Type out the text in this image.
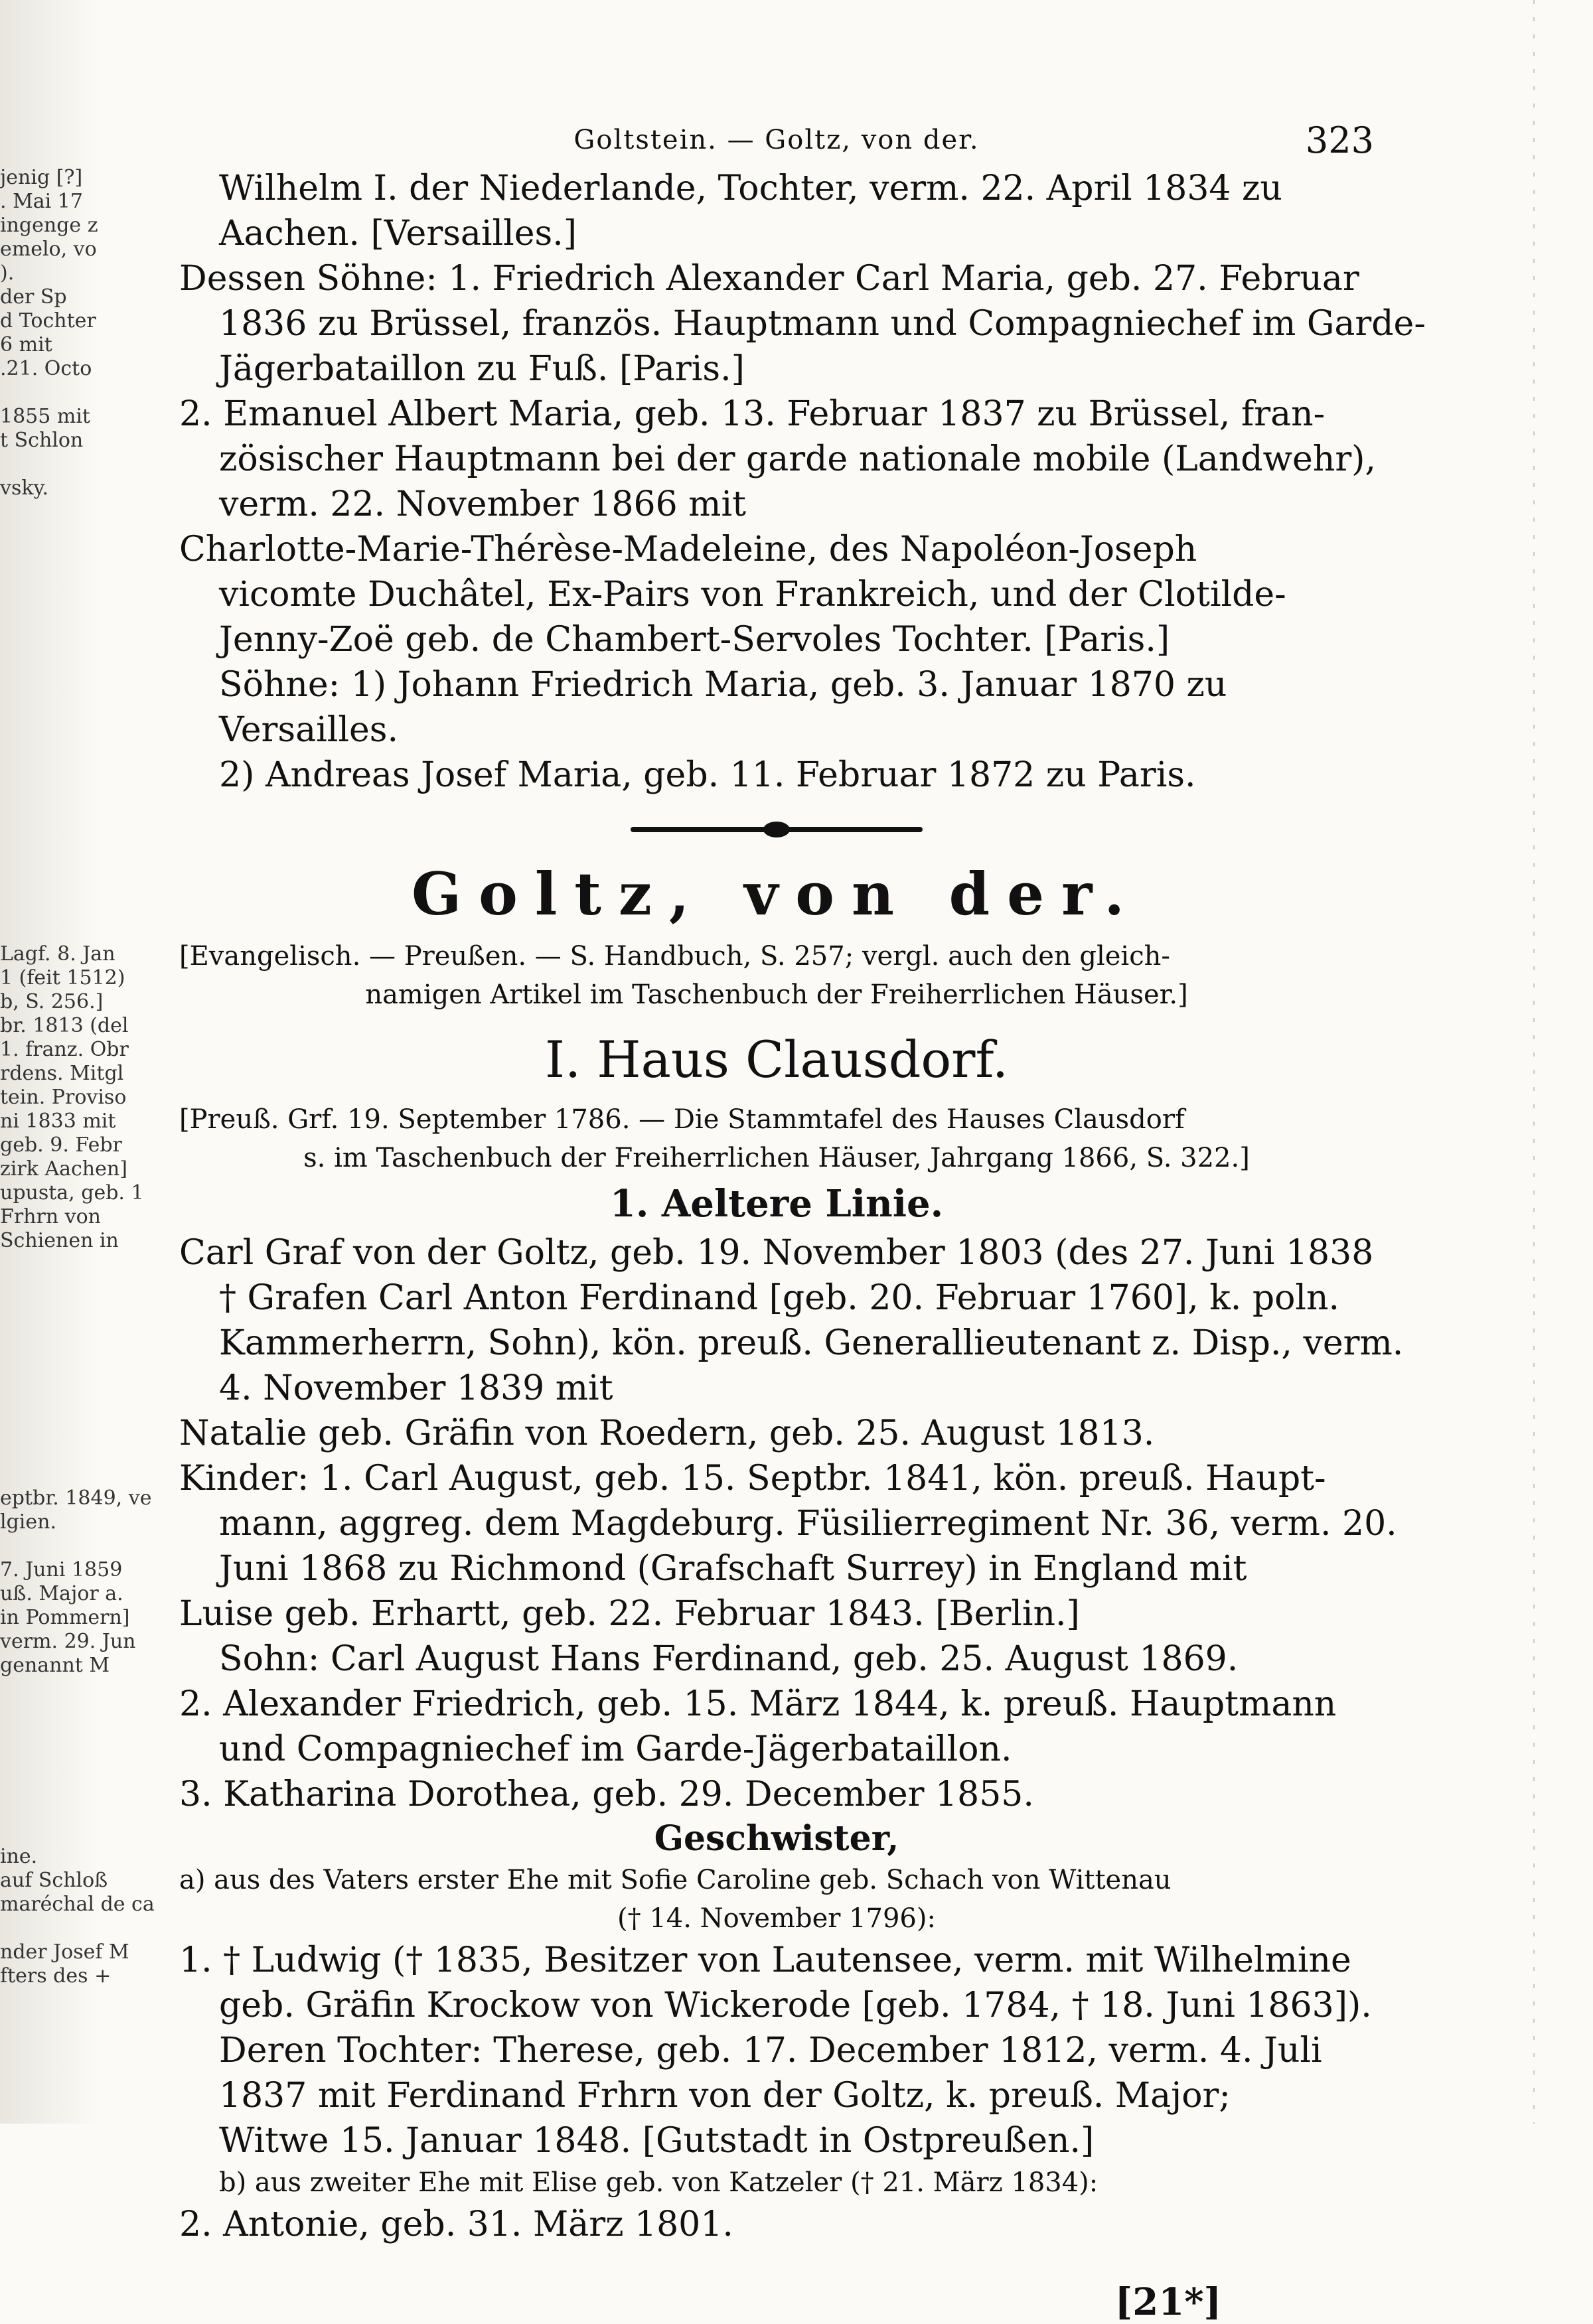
jenig [?]
. Mai 17
ingenge z
emelo, vo
).
der Sp
d Tochter
6 mit
.21. Octo

1855 mit
t Schlon

vsky.
Lagf. 8. Jan
1 (feit 1512)
b, S. 256.]
br. 1813 (del
1. franz. Obr
rdens. Mitgl
tein. Proviso
ni 1833 mit
geb. 9. Febr
zirk Aachen]
upusta, geb. 1
Frhrn von
Schienen in
eptbr. 1849, ve
lgien.

7. Juni 1859
uß. Major a.
in Pommern]
verm. 29. Jun
genannt M
ine.
auf Schloß
maréchal de ca

nder Josef M
fters des +
Goltstein. — Goltz, von der.	323
Wilhelm I. der Niederlande, Tochter, verm. 22. April 1834 zu
Aachen. [Versailles.]
Dessen Söhne: 1. Friedrich Alexander Carl Maria, geb. 27. Februar
1836 zu Brüssel, französ. Hauptmann und Compagniechef im Garde-
Jägerbataillon zu Fuß. [Paris.]
2. Emanuel Albert Maria, geb. 13. Februar 1837 zu Brüssel, fran-
zösischer Hauptmann bei der garde nationale mobile (Landwehr),
verm. 22. November 1866 mit
Charlotte-Marie-Thérèse-Madeleine, des Napoléon-Joseph
vicomte Duchâtel, Ex-Pairs von Frankreich, und der Clotilde-
Jenny-Zoë geb. de Chambert-Servoles Tochter. [Paris.]
Söhne: 1) Johann Friedrich Maria, geb. 3. Januar 1870 zu
Versailles.
2) Andreas Josef Maria, geb. 11. Februar 1872 zu Paris.
Goltz, von der.
[Evangelisch. — Preußen. — S. Handbuch, S. 257; vergl. auch den gleich-
namigen Artikel im Taschenbuch der Freiherrlichen Häuser.]
I. Haus Clausdorf.
[Preuß. Grf. 19. September 1786. — Die Stammtafel des Hauses Clausdorf
s. im Taschenbuch der Freiherrlichen Häuser, Jahrgang 1866, S. 322.]
1. Aeltere Linie.
Carl Graf von der Goltz, geb. 19. November 1803 (des 27. Juni 1838
† Grafen Carl Anton Ferdinand [geb. 20. Februar 1760], k. poln.
Kammerherrn, Sohn), kön. preuß. Generallieutenant z. Disp., verm.
4. November 1839 mit
Natalie geb. Gräfin von Roedern, geb. 25. August 1813.
Kinder: 1. Carl August, geb. 15. Septbr. 1841, kön. preuß. Haupt-
mann, aggreg. dem Magdeburg. Füsilierregiment Nr. 36, verm. 20.
Juni 1868 zu Richmond (Grafschaft Surrey) in England mit
Luise geb. Erhartt, geb. 22. Februar 1843. [Berlin.]
Sohn: Carl August Hans Ferdinand, geb. 25. August 1869.
2. Alexander Friedrich, geb. 15. März 1844, k. preuß. Hauptmann
und Compagniechef im Garde-Jägerbataillon.
3. Katharina Dorothea, geb. 29. December 1855.
Geschwister,
a) aus des Vaters erster Ehe mit Sofie Caroline geb. Schach von Wittenau
(† 14. November 1796):
1. † Ludwig († 1835, Besitzer von Lautensee, verm. mit Wilhelmine
geb. Gräfin Krockow von Wickerode [geb. 1784, † 18. Juni 1863]).
Deren Tochter: Therese, geb. 17. December 1812, verm. 4. Juli
1837 mit Ferdinand Frhrn von der Goltz, k. preuß. Major;
Witwe 15. Januar 1848. [Gutstadt in Ostpreußen.]
b) aus zweiter Ehe mit Elise geb. von Katzeler († 21. März 1834):
2. Antonie, geb. 31. März 1801.
[21*]
